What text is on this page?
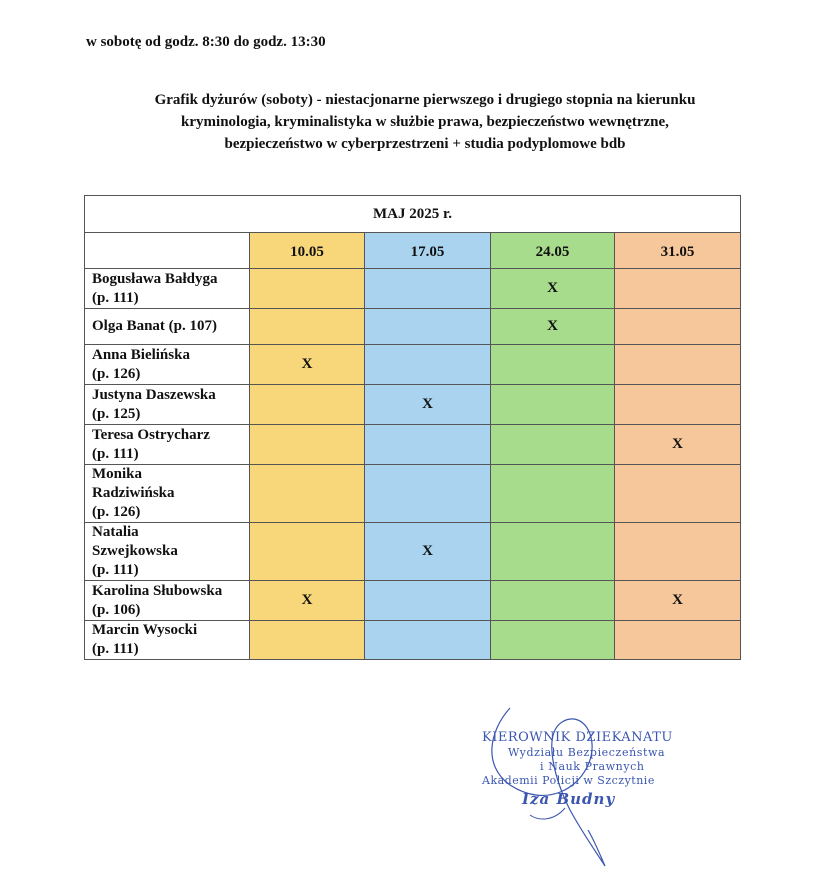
w sobotę od godz. 8:30 do godz. 13:30
Grafik dyżurów (soboty) - niestacjonarne pierwszego i drugiego stopnia na kierunku
kryminologia, kryminalistyka w służbie prawa, bezpieczeństwo wewnętrzne,
bezpieczeństwo w cyberprzestrzeni + studia podyplomowe bdb
MAJ 2025 r.				
	10.05	17.05	24.05	31.05

Bogusława Bałdyga
(p. 111)			X	

Olga Banat (p. 107)			X	

Anna Bielińska
(p. 126)	X			

Justyna Daszewska
(p. 125)		X		

Teresa Ostrycharz
(p. 111)				X

Monika
Radziwińska
(p. 126)				

Natalia
Szwejkowska
(p. 111)		X		

Karolina Słubowska
(p. 106)	X			X

Marcin Wysocki
(p. 111)				

KIEROWNIK DZIEKANATU
Wydziału Bezpieczeństwa
i Nauk Prawnych
Akademii Policji w Szczytnie
Iza Budny
